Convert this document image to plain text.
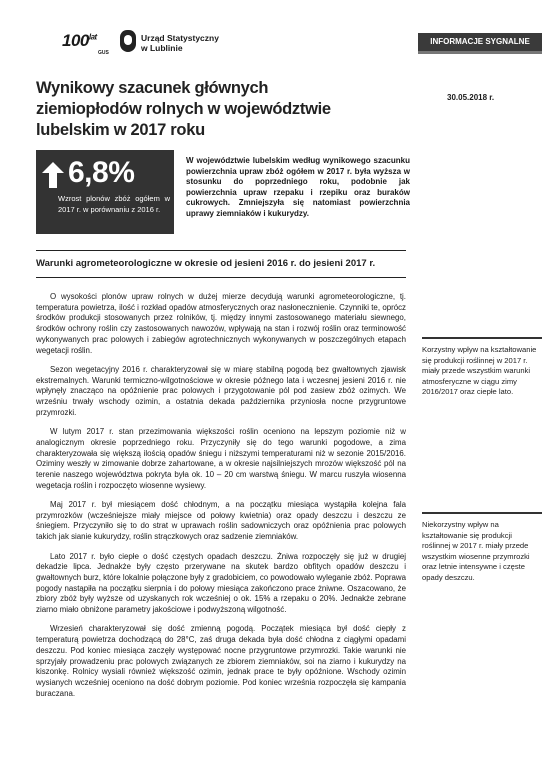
$100^{lat}$
GUS
Urząd Statystyczny
w Lublinie
INFORMACJE SYGNALNE
Wynikowy szacunek głównych ziemiopłodów rolnych w województwie lubelskim w 2017 roku
30.05.2018 r.
6,8%
Wzrost plonów zbóż ogółem w 2017 r. w porównaniu z 2016 r.
W województwie lubelskim według wynikowego szacunku powierzchnia upraw zbóż ogółem w 2017 r. była wyższa w stosunku do poprzedniego roku, podobnie jak powierzchnia upraw rzepaku i rzepiku oraz buraków cukrowych. Zmniejszyła się natomiast powierzchnia uprawy ziemniaków i kukurydzy.
Warunki agrometeorologiczne w okresie od jesieni 2016 r. do jesieni 2017 r.

O wysokości plonów upraw rolnych w dużej mierze decydują warunki agrometeorologiczne, tj. temperatura powietrza, ilość i rozkład opadów atmosferycznych oraz nasłonecznienie. Czynniki te, oprócz środków produkcji stosowanych przez rolników, tj. między innymi zastosowanego materiału siewnego, środków ochrony roślin czy zastosowanych nawozów, wpływają na stan i rozwój roślin oraz terminowość wykonywanych prac polowych i zabiegów agrotechnicznych wykonywanych w poszczególnych etapach wegetacji roślin.

Sezon wegetacyjny 2016 r. charakteryzował się w miarę stabilną pogodą bez gwałtownych zjawisk ekstremalnych. Warunki termiczno-wilgotnościowe w okresie późnego lata i wczesnej jesieni 2016 r. nie wpłynęły znacząco na opóźnienie prac polowych i przygotowanie pól pod zasiew zbóż ozimych. We wrześniu trwały wschody ozimin, a ostatnia dekada października przyniosła nocne przygruntowe przymrozki.

W lutym 2017 r. stan przezimowania większości roślin oceniono na lepszym poziomie niż w analogicznym okresie poprzedniego roku. Przyczyniły się do tego warunki pogodowe, a zima charakteryzowała się większą ilością opadów śniegu i niższymi temperaturami niż w sezonie 2015/2016. Oziminy weszły w zimowanie dobrze zahartowane, a w okresie najsilniejszych mrozów większość pól na terenie naszego województwa pokryta była ok. 10 – 20 cm warstwą śniegu. W marcu ruszyła wiosenna wegetacja roślin i rozpoczęto wiosenne wysiewy.

Maj 2017 r. był miesiącem dość chłodnym, a na początku miesiąca wystąpiła kolejna fala przymrozków (wcześniejsze miały miejsce od połowy kwietnia) oraz opady deszczu i deszczu ze śniegiem. Przyczyniło się to do strat w uprawach roślin sadowniczych oraz opóźnienia prac polowych takich jak sianie kukurydzy, roślin strączkowych oraz sadzenie ziemniaków.

Lato 2017 r. było ciepłe o dość częstych opadach deszczu. Żniwa rozpoczęły się już w drugiej dekadzie lipca. Jednakże były często przerywane na skutek bardzo obfitych opadów deszczu i gwałtownych burz, które lokalnie połączone były z gradobiciem, co powodowało wyleganie zbóż. Poprawa pogody nastąpiła na początku sierpnia i do połowy miesiąca zakończono prace żniwne. Oszacowano, że zbiory zbóż były wyższe od uzyskanych rok wcześniej o ok. 15% a rzepaku o 20%. Jednakże zebrane ziarno miało obniżone parametry jakościowe i podwyższoną wilgotność.

Wrzesień charakteryzował się dość zmienną pogodą. Początek miesiąca był dość ciepły z temperaturą powietrza dochodzącą do 28°C, zaś druga dekada była dość chłodna z ciągłymi opadami deszczu. Pod koniec miesiąca zaczęły występować nocne przygruntowe przymrozki. Takie warunki nie sprzyjały prowadzeniu prac polowych związanych ze zbiorem ziemniaków, soi na ziarno i kukurydzy na kiszonkę. Rolnicy wysiali również większość ozimin, jednak prace te były opóźnione. Wschody ozimin wysianych wcześniej oceniono na dość dobrym poziomie. Pod koniec września rozpoczęła się kampania buraczana.

Korzystny wpływ na kształtowanie się produkcji roślinnej w 2017 r. miały przede wszystkim warunki atmosferyczne w ciągu zimy 2016/2017 oraz ciepłe lato.
Niekorzystny wpływ na kształtowanie się produkcji roślinnej w 2017 r. miały przede wszystkim wiosenne przymrozki oraz letnie intensywne i częste opady deszczu.
